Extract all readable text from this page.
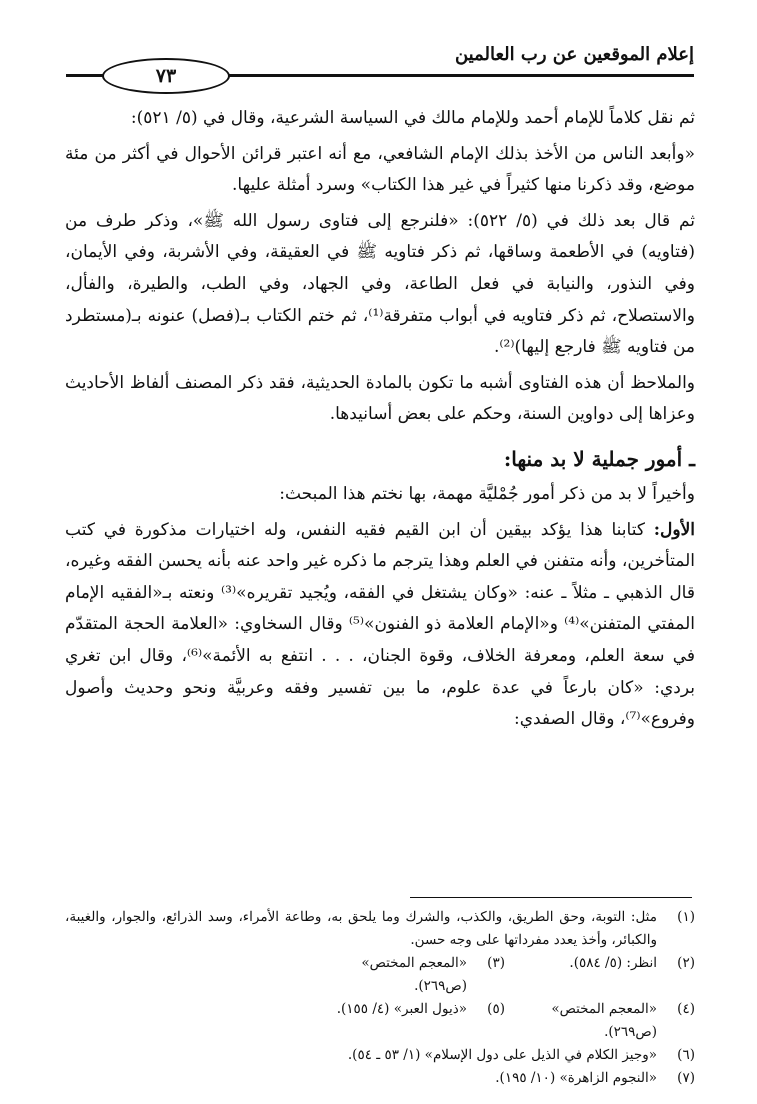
إعلام الموقعين عن رب العالمين
٧٣

ثم نقل كلاماً للإمام أحمد وللإمام مالك في السياسة الشرعية، وقال في (٥/ ٥٢١):

«وأبعد الناس من الأخذ بذلك الإمام الشافعي، مع أنه اعتبر قرائن الأحوال في أكثر من مئة موضع، وقد ذكرنا منها كثيراً في غير هذا الكتاب» وسرد أمثلة عليها.

ثم قال بعد ذلك في (٥/ ٥٢٢): «فلنرجع إلى فتاوى رسول الله ﷺ»، وذكر طرف من (فتاويه) في الأطعمة وساقها، ثم ذكر فتاويه ﷺ في العقيقة، وفي الأشربة، وفي الأيمان، وفي النذور، والنيابة في فعل الطاعة، وفي الجهاد، وفي الطب، والطيرة، والفأل، والاستصلاح، ثم ذكر فتاويه في أبواب متفرقة⁽¹⁾، ثم ختم الكتاب بـ(فصل) عنونه بـ(مستطرد من فتاويه ﷺ فارجع إليها)⁽²⁾.

والملاحظ أن هذه الفتاوى أشبه ما تكون بالمادة الحديثية، فقد ذكر المصنف ألفاظ الأحاديث وعزاها إلى دواوين السنة، وحكم على بعض أسانيدها.

ـ أمور جملية لا بد منها:

وأخيراً لا بد من ذكر أمور جُمْليَّة مهمة، بها نختم هذا المبحث:

الأول: كتابنا هذا يؤكد بيقين أن ابن القيم فقيه النفس، وله اختيارات مذكورة في كتب المتأخرين، وأنه متفنن في العلم وهذا يترجم ما ذكره غير واحد عنه بأنه يحسن الفقه وغيره، قال الذهبي ـ مثلاً ـ عنه: «وكان يشتغل في الفقه، ويُجيد تقريره»⁽³⁾ ونعته بـ«الفقيه الإمام المفتي المتفنن»⁽⁴⁾ و«الإمام العلامة ذو الفنون»⁽⁵⁾ وقال السخاوي: «العلامة الحجة المتقدّم في سعة العلم، ومعرفة الخلاف، وقوة الجنان، . . . انتفع به الأئمة»⁽⁶⁾، وقال ابن تغري بردي: «كان بارعاً في عدة علوم، ما بين تفسير وفقه وعربيَّة ونحو وحديث وأصول وفروع»⁽⁷⁾، وقال الصفدي:

(١)
مثل: التوبة، وحق الطريق، والكذب، والشرك وما يلحق به، وطاعة الأمراء، وسد الذرائع، والجوار، والغيبة، والكبائر، وأخذ يعدد مفرداتها على وجه حسن.
(٢)
انظر: (٥/ ٥٨٤).
(٣)
«المعجم المختص» (ص٢٦٩).
(٤)
«المعجم المختص» (ص٢٦٩).
(٥)
«ذيول العبر» (٤/ ١٥٥).
(٦)
«وجيز الكلام في الذيل على دول الإسلام» (١/ ٥٣ ـ ٥٤).
(٧)
«النجوم الزاهرة» (١٠/ ١٩٥).
